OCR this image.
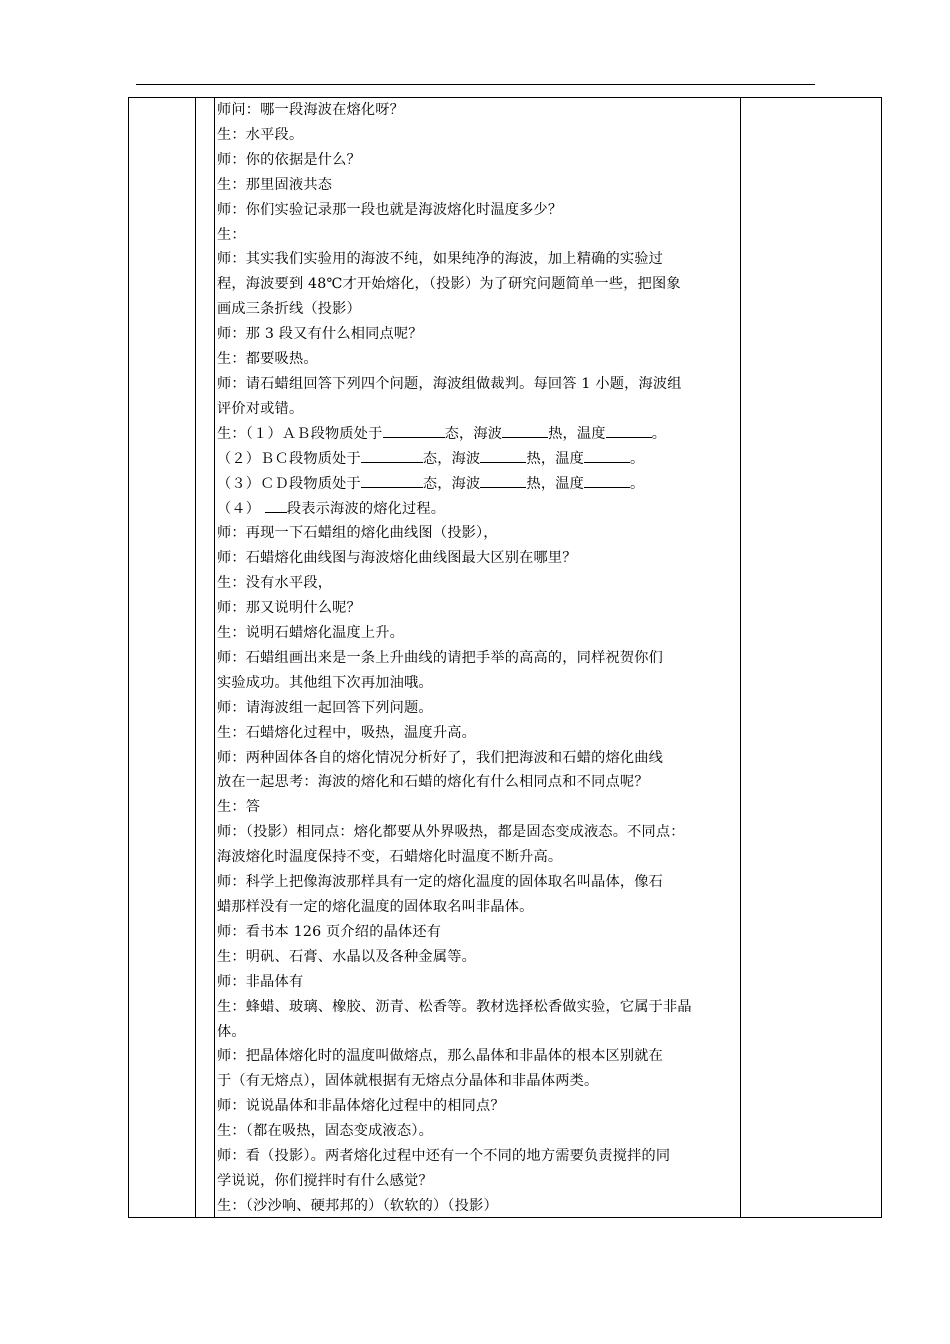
师问：哪一段海波在熔化呀？

生：水平段。

师：你的依据是什么？

生：那里固液共态

师：你们实验记录那一段也就是海波熔化时温度多少？

生：

师：其实我们实验用的海波不纯，如果纯净的海波，加上精确的实验过

程，海波要到 48℃才开始熔化，（投影）为了研究问题简单一些，把图象

画成三条折线（投影）

师：那 3 段又有什么相同点呢？

生：都要吸热。

师：请石蜡组回答下列四个问题，海波组做裁判。每回答 1 小题，海波组

评价对或错。

生：（１）ＡＢ段物质处于	态，海波	热，温度	。

（２）ＢＣ段物质处于	态，海波	热，温度	。

（３）ＣＤ段物质处于	态，海波	热，温度	。

（４） 段表示海波的熔化过程。

师：再现一下石蜡组的熔化曲线图（投影），

师：石蜡熔化曲线图与海波熔化曲线图最大区别在哪里？

生：没有水平段，

师：那又说明什么呢？

生：说明石蜡熔化温度上升。

师：石蜡组画出来是一条上升曲线的请把手举的高高的，同样祝贺你们

实验成功。其他组下次再加油哦。

师：请海波组一起回答下列问题。

生：石蜡熔化过程中，吸热，温度升高。

师：两种固体各自的熔化情况分析好了，我们把海波和石蜡的熔化曲线

放在一起思考：海波的熔化和石蜡的熔化有什么相同点和不同点呢？

生：答

师：（投影）相同点：熔化都要从外界吸热，都是固态变成液态。不同点：

海波熔化时温度保持不变，石蜡熔化时温度不断升高。

师：科学上把像海波那样具有一定的熔化温度的固体取名叫晶体，像石

蜡那样没有一定的熔化温度的固体取名叫非晶体。

师：看书本 126 页介绍的晶体还有

生：明矾、石膏、水晶以及各种金属等。

师：非晶体有

生：蜂蜡、玻璃、橡胶、沥青、松香等。教材选择松香做实验，它属于非晶

体。

师：把晶体熔化时的温度叫做熔点，那么晶体和非晶体的根本区别就在

于（有无熔点），固体就根据有无熔点分晶体和非晶体两类。

师：说说晶体和非晶体熔化过程中的相同点？

生：（都在吸热，固态变成液态）。

师：看（投影）。两者熔化过程中还有一个不同的地方需要负责搅拌的同

学说说，你们搅拌时有什么感觉？

生：（沙沙响、硬邦邦的）（软软的）（投影）
